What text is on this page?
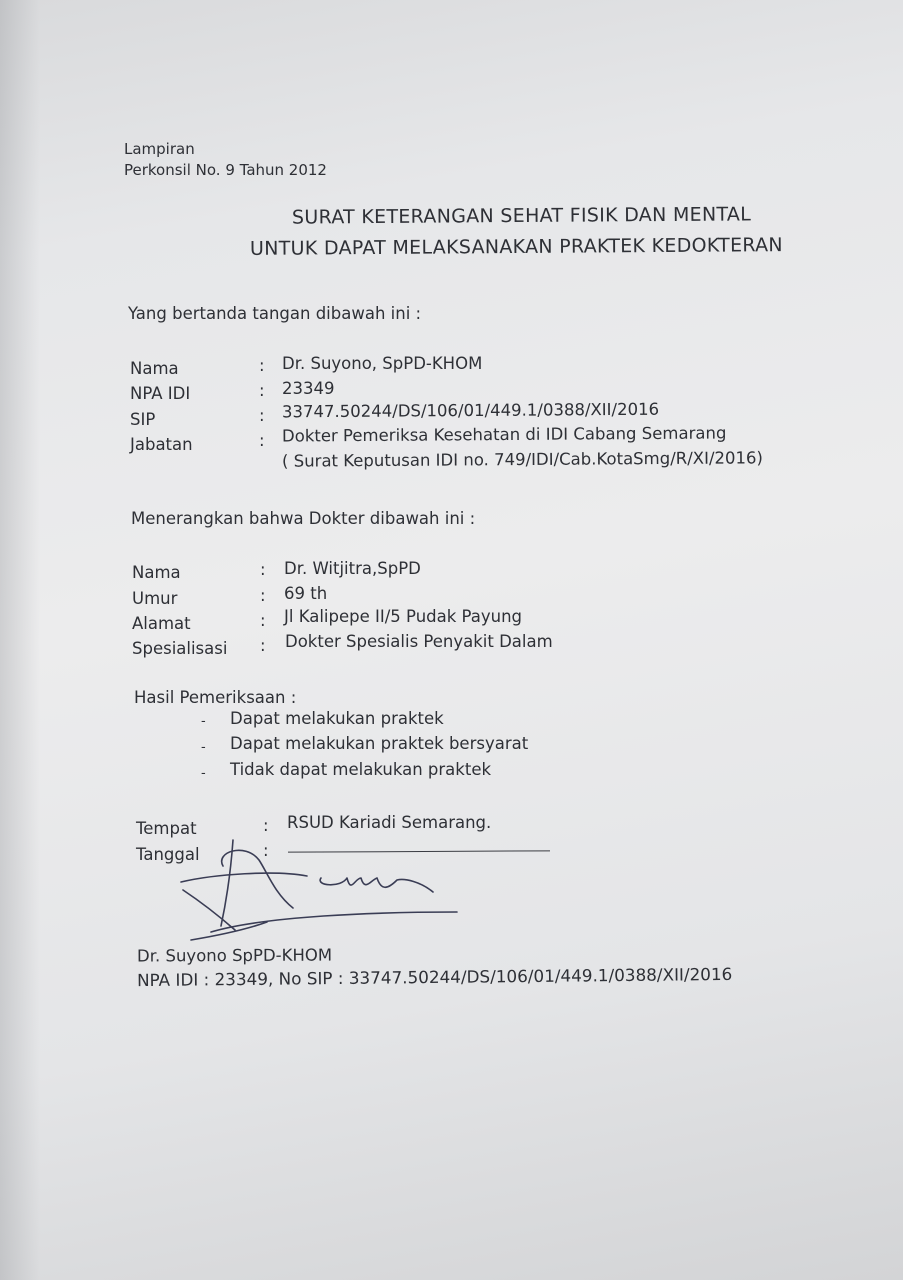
Lampiran
Perkonsil No. 9 Tahun 2012
SURAT KETERANGAN SEHAT FISIK DAN MENTAL
UNTUK DAPAT MELAKSANAKAN PRAKTEK KEDOKTERAN
Yang bertanda tangan dibawah ini :
Nama	: Dr. Suyono, SpPD-KHOM
NPA IDI	: 23349
SIP	: 33747.50244/DS/106/01/449.1/0388/XII/2016
Jabatan	: Dokter Pemeriksa Kesehatan di IDI Cabang Semarang
( Surat Keputusan IDI no. 749/IDI/Cab.KotaSmg/R/XI/2016)
Menerangkan bahwa Dokter dibawah ini :
Nama	: Dr. Witjitra,SpPD
Umur	: 69 th
Alamat	: Jl Kalipepe II/5 Pudak Payung
Spesialisasi : Dokter Spesialis Penyakit Dalam
Hasil Pemeriksaan :
- Dapat melakukan praktek
- Dapat melakukan praktek bersyarat
- Tidak dapat melakukan praktek
Tempat	: RSUD Kariadi Semarang.
Tanggal	:
Dr. Suyono SpPD-KHOM
NPA IDI : 23349, No SIP : 33747.50244/DS/106/01/449.1/0388/XII/2016
